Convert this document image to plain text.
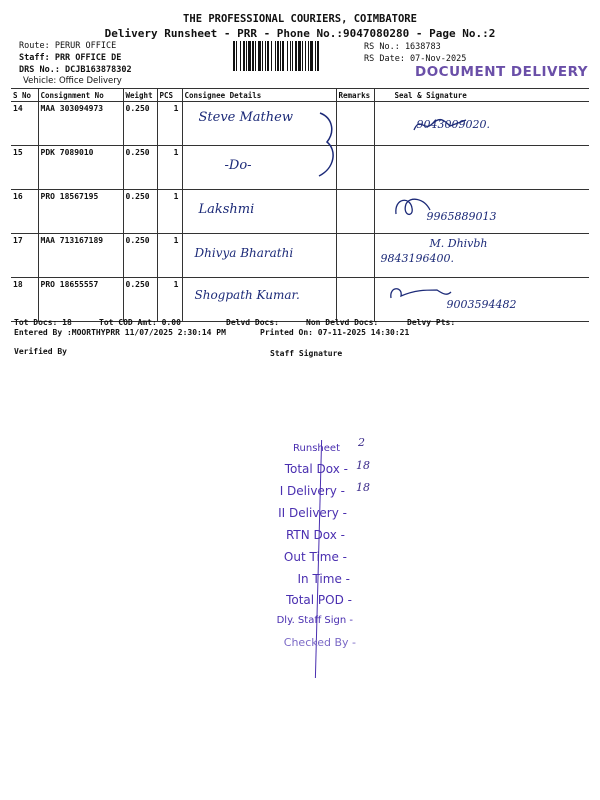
THE PROFESSIONAL COURIERS, COIMBATORE
Delivery Runsheet - PRR - Phone No.:9047080280 - Page No.:2
Route: PERUR OFFICE
Staff: PRR OFFICE DE
DRS No.: DCJB163878302
Vehicle: Office Delivery
RS No.: 1638783
RS Date: 07-Nov-2025
DOCUMENT DELIVERY
S No	Consignment No	Weight	PCS	Consignee Details	Remarks	Seal & Signature
14	MAA 303094973	0.250	1	Steve Mathew		9043009020.
15	PDK 7089010	0.250	1	-Do-		
16	PRO 18567195	0.250	1	Lakshmi		9965889013
17	MAA 713167189	0.250	1	Dhivya Bharathi		M. Dhivbh
9843196400.

18	PRO 18655557	0.250	1	Shogpath Kumar.		9003594482
Tot Docs: 18	Tot COD Amt: 0.00	Delvd Docs:	Non Delvd Docs:	Delvy Pts:
Entered By :MOORTHYPRR 11/07/2025 2:30:14 PM	Printed On: 07-11-2025 14:30:21
Verified By	Staff Signature
Runsheet 2
Total Dox - 18
I Delivery - 18
II Delivery -
RTN Dox -
Out Time -
In Time -
Total POD -
Dly. Staff Sign -
Checked By -
